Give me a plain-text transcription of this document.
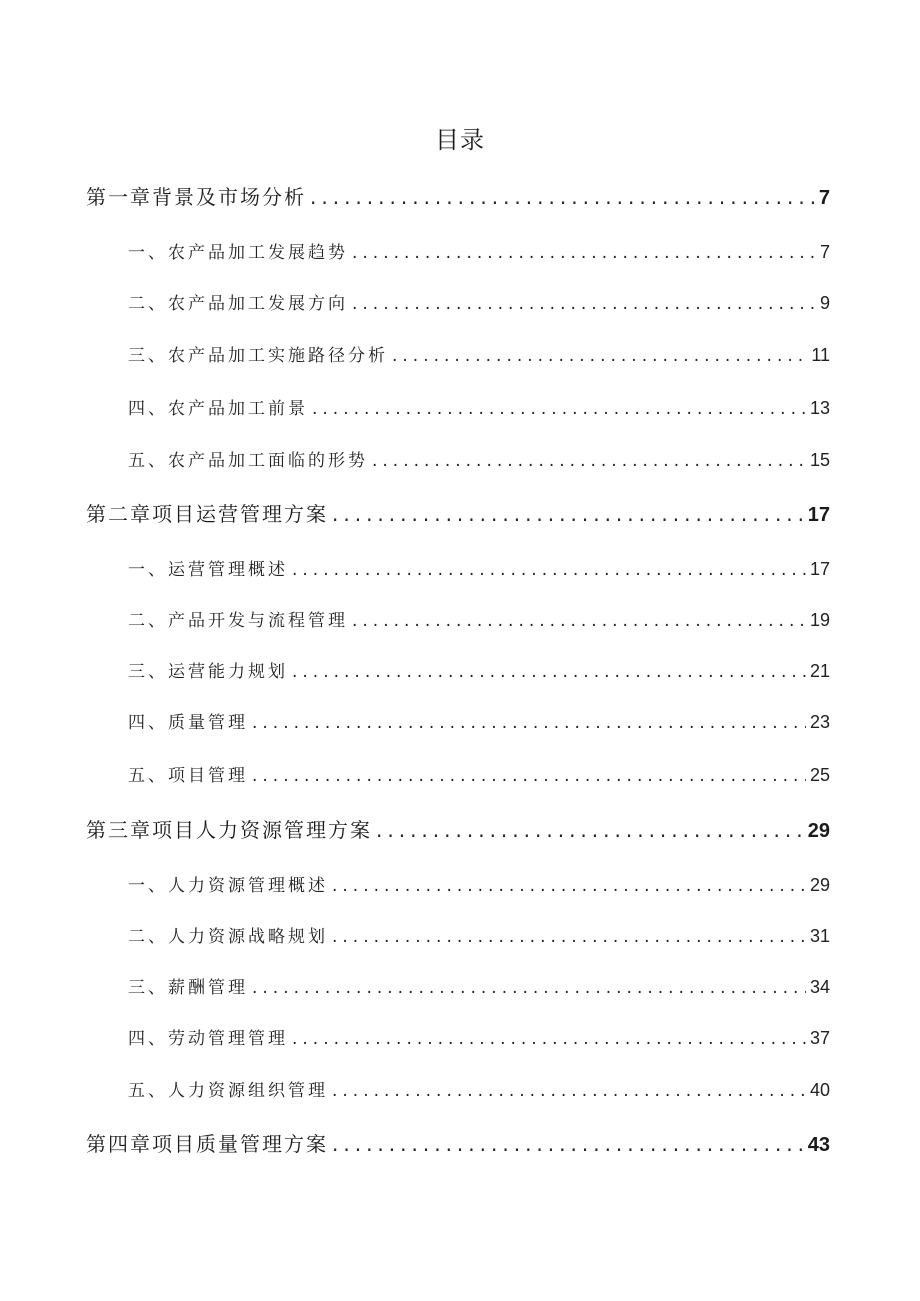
目录
第一章背景及市场分析 .....	7
一、农产品加工发展趋势 .....	7
二、农产品加工发展方向 .....	9
三、农产品加工实施路径分析 .....	11
四、农产品加工前景 .....	13
五、农产品加工面临的形势 .....	15
第二章项目运营管理方案 .....	17
一、运营管理概述 .....	17
二、产品开发与流程管理 .....	19
三、运营能力规划 .....	21
四、质量管理 .....	23
五、项目管理 .....	25
第三章项目人力资源管理方案 .....	29
一、人力资源管理概述 .....	29
二、人力资源战略规划 .....	31
三、薪酬管理 .....	34
四、劳动管理管理 .....	37
五、人力资源组织管理 .....	40
第四章项目质量管理方案 .....	43
